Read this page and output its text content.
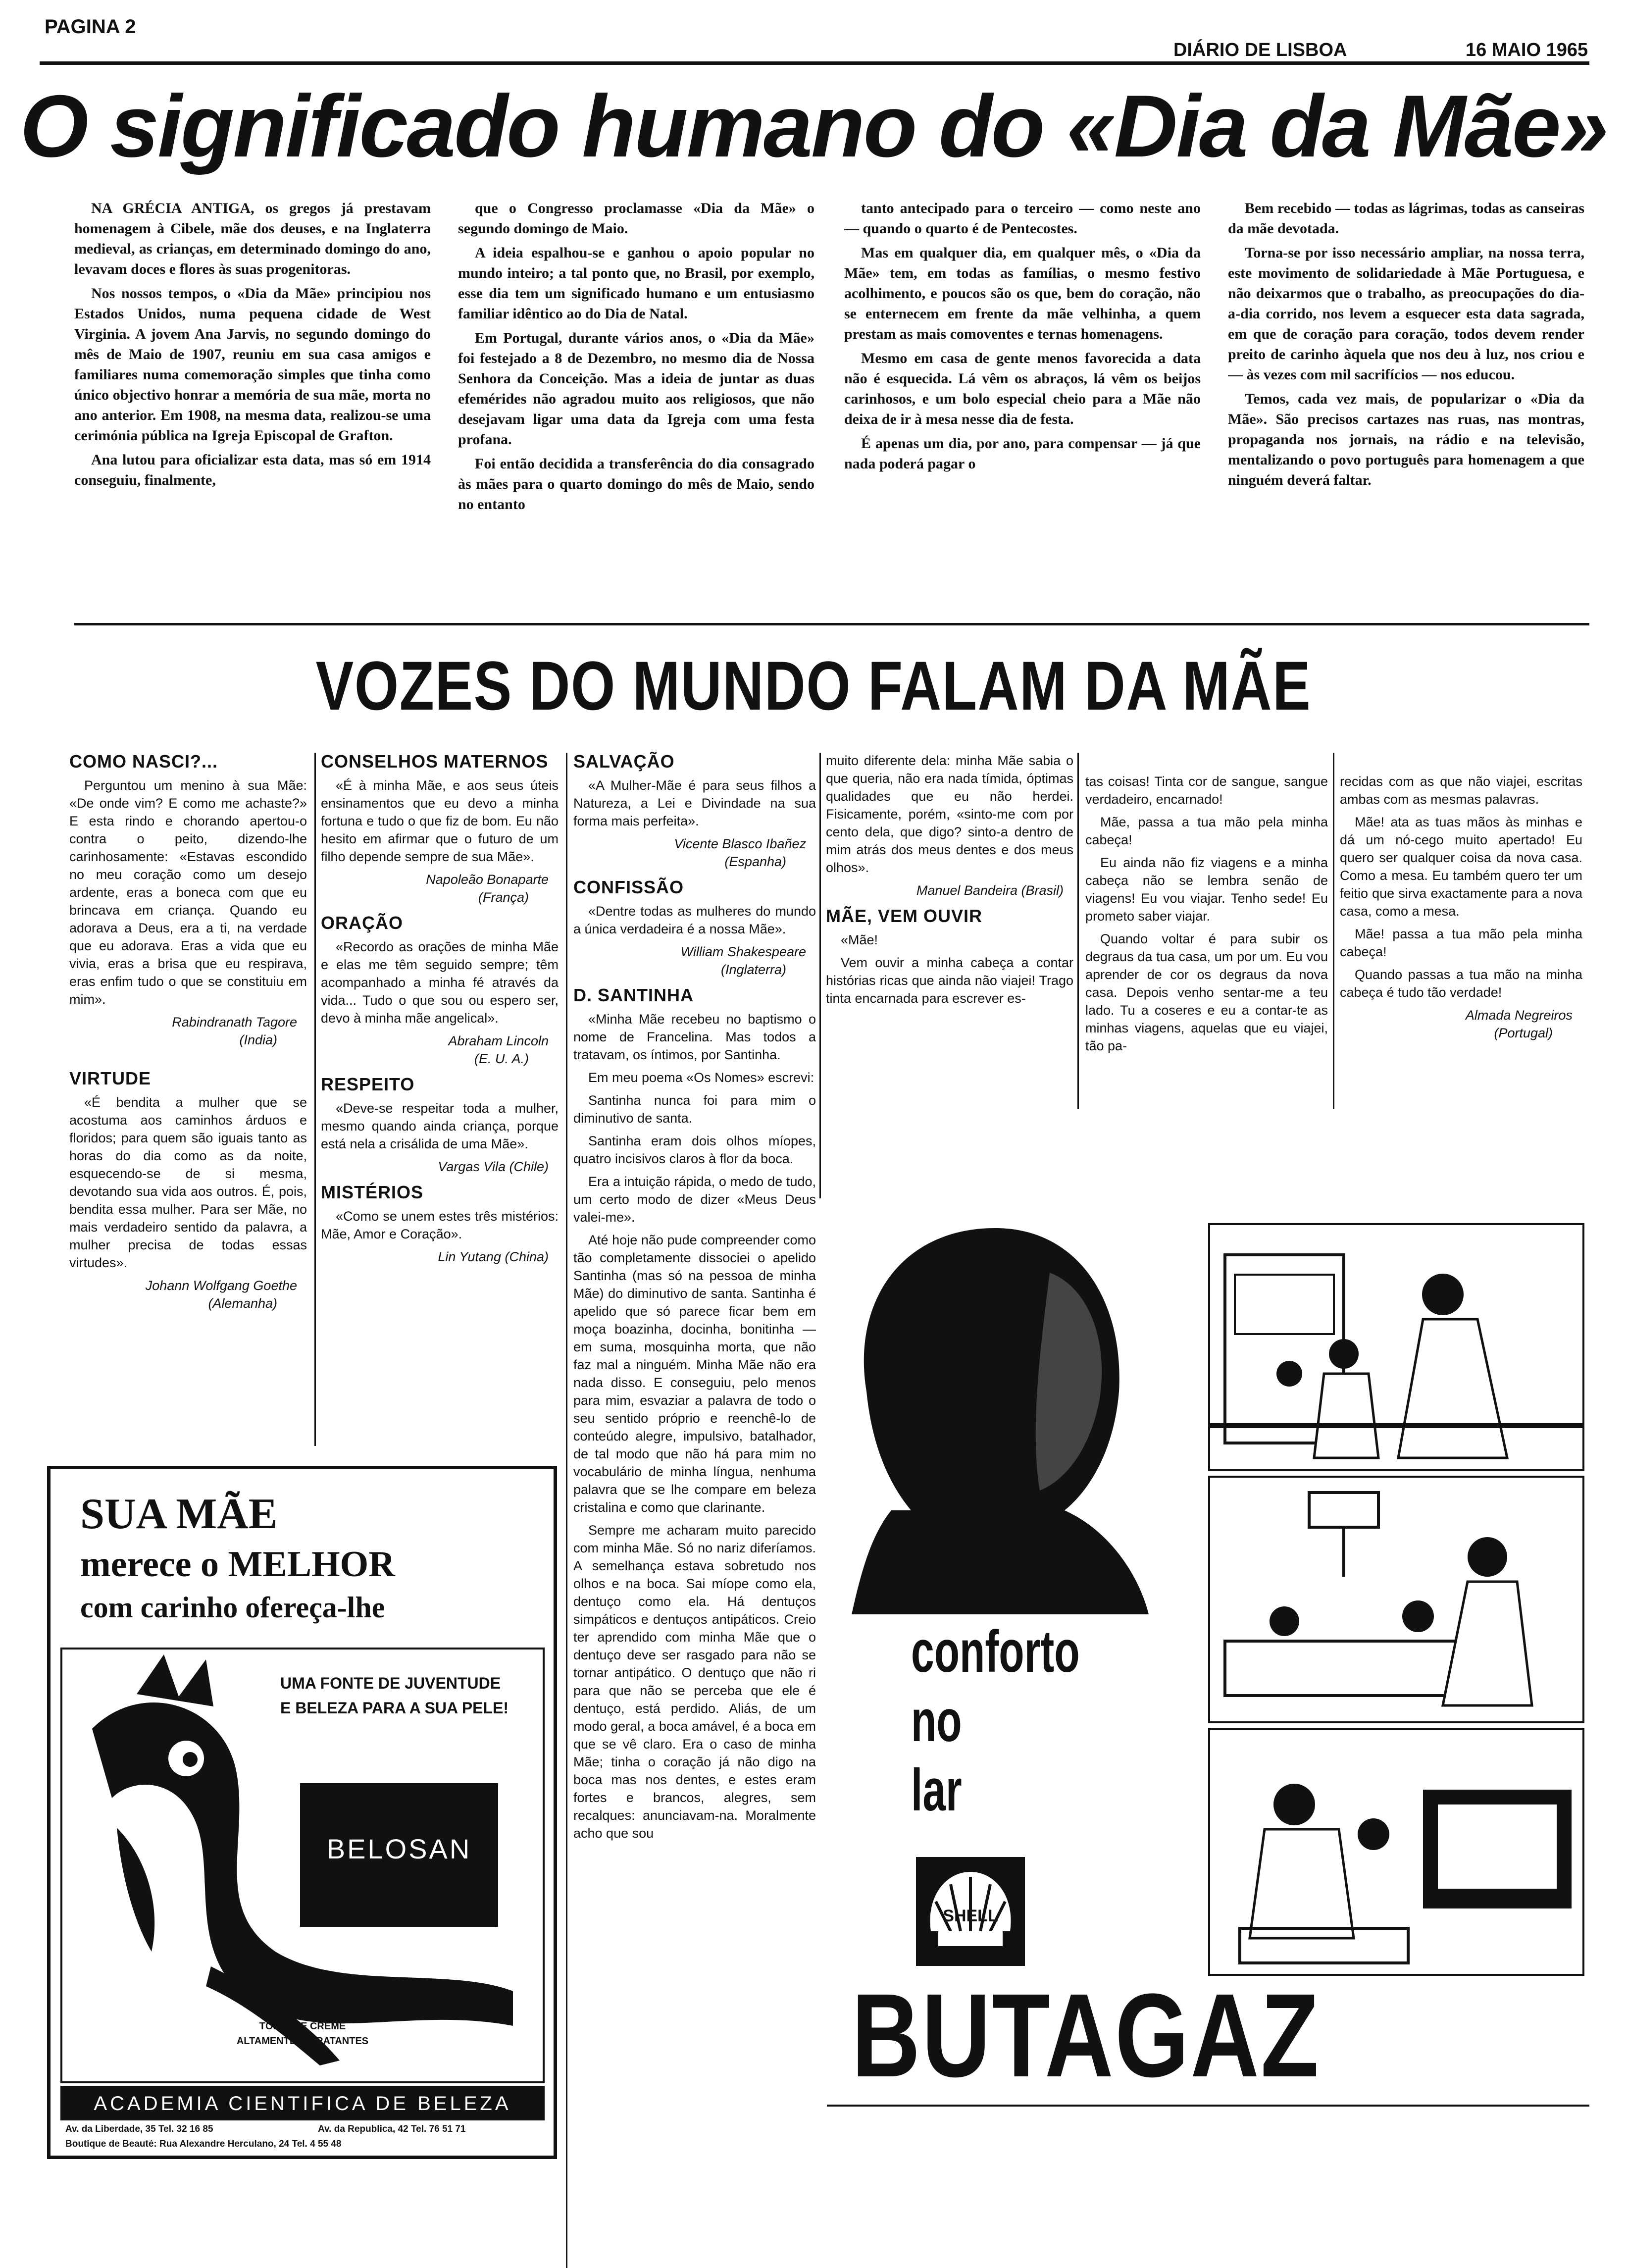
PAGINA 2
DIÁRIO DE LISBOA	16 MAIO 1965
O significado humano do «Dia da Mãe»

NA GRÉCIA ANTIGA, os gregos já prestavam homenagem à Cibele, mãe dos deuses, e na Inglaterra medieval, as crianças, em determinado domingo do ano, levavam doces e flores às suas progenitoras.

Nos nossos tempos, o «Dia da Mãe» principiou nos Estados Unidos, numa pequena cidade de West Virginia. A jovem Ana Jarvis, no segundo domingo do mês de Maio de 1907, reuniu em sua casa amigos e familiares numa comemoração simples que tinha como único objectivo honrar a memória de sua mãe, morta no ano anterior. Em 1908, na mesma data, realizou-se uma cerimónia pública na Igreja Episcopal de Grafton.

Ana lutou para oficializar esta data, mas só em 1914 conseguiu, finalmente,

que o Congresso proclamasse «Dia da Mãe» o segundo domingo de Maio.

A ideia espalhou-se e ganhou o apoio popular no mundo inteiro; a tal ponto que, no Brasil, por exemplo, esse dia tem um significado humano e um entusiasmo familiar idêntico ao do Dia de Natal.

Em Portugal, durante vários anos, o «Dia da Mãe» foi festejado a 8 de Dezembro, no mesmo dia de Nossa Senhora da Conceição. Mas a ideia de juntar as duas efemérides não agradou muito aos religiosos, que não desejavam ligar uma data da Igreja com uma festa profana.

Foi então decidida a transferência do dia consagrado às mães para o quarto domingo do mês de Maio, sendo no entanto

tanto antecipado para o terceiro — como neste ano — quando o quarto é de Pentecostes.

Mas em qualquer dia, em qualquer mês, o «Dia da Mãe» tem, em todas as famílias, o mesmo festivo acolhimento, e poucos são os que, bem do coração, não se enternecem em frente da mãe velhinha, a quem prestam as mais comoventes e ternas homenagens.

Mesmo em casa de gente menos favorecida a data não é esquecida. Lá vêm os abraços, lá vêm os beijos carinhosos, e um bolo especial cheio para a Mãe não deixa de ir à mesa nesse dia de festa.

É apenas um dia, por ano, para compensar — já que nada poderá pagar o

Bem recebido — todas as lágrimas, todas as canseiras da mãe devotada.

Torna-se por isso necessário ampliar, na nossa terra, este movimento de solidariedade à Mãe Portuguesa, e não deixarmos que o trabalho, as preocupações do dia-a-dia corrido, nos levem a esquecer esta data sagrada, em que de coração para coração, todos devem render preito de carinho àquela que nos deu à luz, nos criou e — às vezes com mil sacrifícios — nos educou.

Temos, cada vez mais, de popularizar o «Dia da Mãe». São precisos cartazes nas ruas, nas montras, propaganda nos jornais, na rádio e na televisão, mentalizando o povo português para homenagem a que ninguém deverá faltar.

VOZES DO MUNDO FALAM DA MÃE
COMO NASCI?...

Perguntou um menino à sua Mãe: «De onde vim? E como me achaste?» E esta rindo e chorando apertou-o contra o peito, dizendo-lhe carinhosamente: «Estavas escondido no meu coração como um desejo ardente, eras a boneca com que eu brincava em criança. Quando eu adorava a Deus, era a ti, na verdade que eu adorava. Eras a vida que eu vivia, eras a brisa que eu respirava, eras enfim tudo o que se constituiu em mim».

Rabindranath Tagore

(India)

VIRTUDE

«É bendita a mulher que se acostuma aos caminhos árduos e floridos; para quem são iguais tanto as horas do dia como as da noite, esquecendo-se de si mesma, devotando sua vida aos outros. É, pois, bendita essa mulher. Para ser Mãe, no mais verdadeiro sentido da palavra, a mulher precisa de todas essas virtudes».

Johann Wolfgang Goethe

(Alemanha)

CONSELHOS MATERNOS

«É à minha Mãe, e aos seus úteis ensinamentos que eu devo a minha fortuna e tudo o que fiz de bom. Eu não hesito em afirmar que o futuro de um filho depende sempre de sua Mãe».

Napoleão Bonaparte

(França)

ORAÇÃO

«Recordo as orações de minha Mãe e elas me têm seguido sempre; têm acompanhado a minha fé através da vida... Tudo o que sou ou espero ser, devo à minha mãe angelical».

Abraham Lincoln

(E. U. A.)

RESPEITO

«Deve-se respeitar toda a mulher, mesmo quando ainda criança, porque está nela a crisálida de uma Mãe».

Vargas Vila (Chile)

MISTÉRIOS

«Como se unem estes três mistérios: Mãe, Amor e Coração».

Lin Yutang (China)

SALVAÇÃO

«A Mulher-Mãe é para seus filhos a Natureza, a Lei e Divindade na sua forma mais perfeita».

Vicente Blasco Ibañez

(Espanha)

CONFISSÃO

«Dentre todas as mulheres do mundo a única verdadeira é a nossa Mãe».

William Shakespeare

(Inglaterra)

D. SANTINHA

«Minha Mãe recebeu no baptismo o nome de Francelina. Mas todos a tratavam, os íntimos, por Santinha.

Em meu poema «Os Nomes» escrevi:

Santinha nunca foi para mim o diminutivo de santa.

Santinha eram dois olhos míopes, quatro incisivos claros à flor da boca.

Era a intuição rápida, o medo de tudo, um certo modo de dizer «Meus Deus valei-me».

Até hoje não pude compreender como tão completamente dissociei o apelido Santinha (mas só na pessoa de minha Mãe) do diminutivo de santa. Santinha é apelido que só parece ficar bem em moça boazinha, docinha, bonitinha — em suma, mosquinha morta, que não faz mal a ninguém. Minha Mãe não era nada disso. E conseguiu, pelo menos para mim, esvaziar a palavra de todo o seu sentido próprio e reenchê-lo de conteúdo alegre, impulsivo, batalhador, de tal modo que não há para mim no vocabulário de minha língua, nenhuma palavra que se lhe compare em beleza cristalina e como que clarinante.

Sempre me acharam muito parecido com minha Mãe. Só no nariz diferíamos. A semelhança estava sobretudo nos olhos e na boca. Sai míope como ela, dentuço como ela. Há dentuços simpáticos e dentuços antipáticos. Creio ter aprendido com minha Mãe que o dentuço deve ser rasgado para não se tornar antipático. O dentuço que não ri para que não se perceba que ele é dentuço, está perdido. Aliás, de um modo geral, a boca amável, é a boca em que se vê claro. Era o caso de minha Mãe; tinha o coração já não digo na boca mas nos dentes, e estes eram fortes e brancos, alegres, sem recalques: anunciavam-na. Moralmente acho que sou

muito diferente dela: minha Mãe sabia o que queria, não era nada tímida, óptimas qualidades que eu não herdei. Fisicamente, porém, «sinto-me com por cento dela, que digo? sinto-a dentro de mim atrás dos meus dentes e dos meus olhos».

Manuel Bandeira (Brasil)

MÃE, VEM OUVIR

«Mãe!

Vem ouvir a minha cabeça a contar histórias ricas que ainda não viajei! Trago tinta encarnada para escrever es-

tas coisas! Tinta cor de sangue, sangue verdadeiro, encarnado!

Mãe, passa a tua mão pela minha cabeça!

Eu ainda não fiz viagens e a minha cabeça não se lembra senão de viagens! Eu vou viajar. Tenho sede! Eu prometo saber viajar.

Quando voltar é para subir os degraus da tua casa, um por um. Eu vou aprender de cor os degraus da nova casa. Depois venho sentar-me a teu lado. Tu a coseres e eu a contar-te as minhas viagens, aquelas que eu viajei, tão pa-

recidas com as que não viajei, escritas ambas com as mesmas palavras.

Mãe! ata as tuas mãos às minhas e dá um nó-cego muito apertado! Eu quero ser qualquer coisa da nova casa. Como a mesa. Eu também quero ter um feitio que sirva exactamente para a nova casa, como a mesa.

Mãe! passa a tua mão pela minha cabeça!

Quando passas a tua mão na minha cabeça é tudo tão verdade!

Almada Negreiros

(Portugal)

SUA MÃE
merece o MELHOR
com carinho ofereça-lhe
UMA FONTE DE JUVENTUDE
E BELEZA PARA A SUA PELE!
BELOSAN
TÓNICO E CREME
ALTAMENTE HIDRATANTES
ACADEMIA CIENTIFICA DE BELEZA
Av. da Liberdade, 35 Tel. 32 16 85	Av. da Republica, 42 Tel. 76 51 71
Boutique de Beauté: Rua Alexandre Herculano, 24 Tel. 4 55 48
conforto
no
lar
SHELL
BUTAGAZ
